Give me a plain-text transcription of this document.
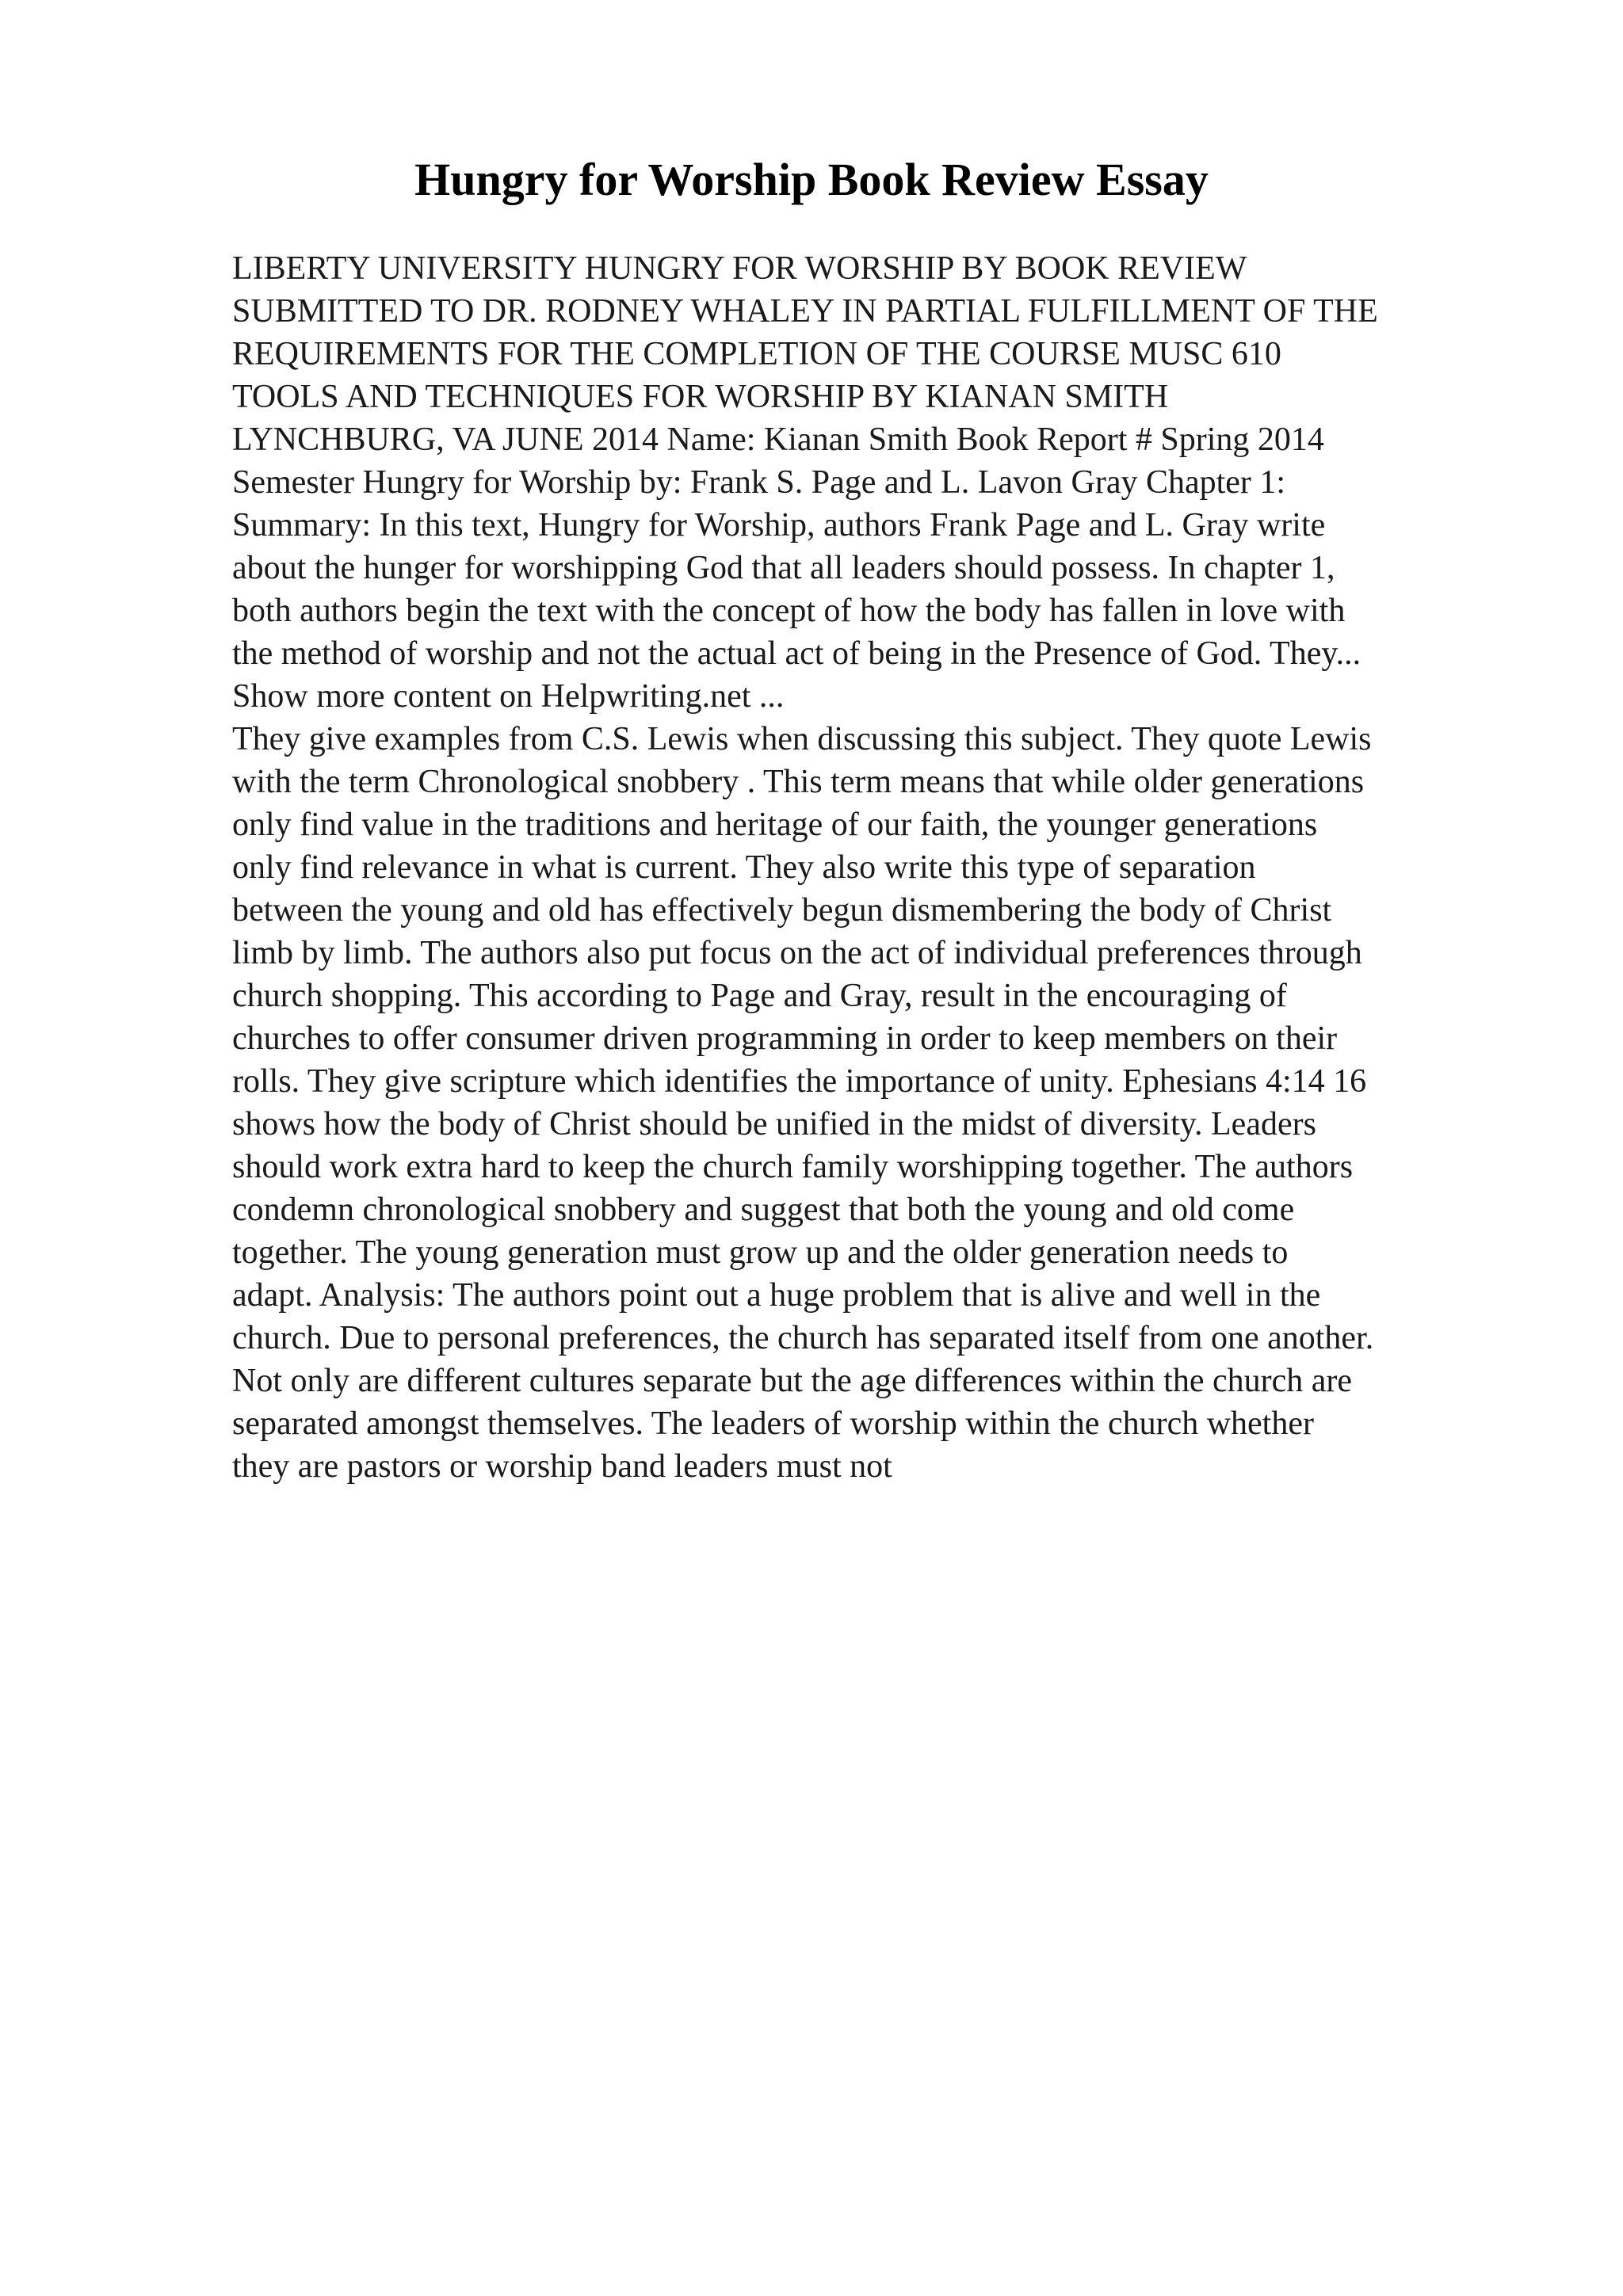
Hungry for Worship Book Review Essay

LIBERTY UNIVERSITY HUNGRY FOR WORSHIP BY BOOK REVIEW
SUBMITTED TO DR. RODNEY WHALEY IN PARTIAL FULFILLMENT OF THE
REQUIREMENTS FOR THE COMPLETION OF THE COURSE MUSC 610
TOOLS AND TECHNIQUES FOR WORSHIP BY KIANAN SMITH
LYNCHBURG, VA JUNE 2014 Name: Kianan Smith Book Report # Spring 2014
Semester Hungry for Worship by: Frank S. Page and L. Lavon Gray Chapter 1:
Summary: In this text, Hungry for Worship, authors Frank Page and L. Gray write
about the hunger for worshipping God that all leaders should possess. In chapter 1,
both authors begin the text with the concept of how the body has fallen in love with
the method of worship and not the actual act of being in the Presence of God. They...
Show more content on Helpwriting.net ...

They give examples from C.S. Lewis when discussing this subject. They quote Lewis
with the term Chronological snobbery . This term means that while older generations
only find value in the traditions and heritage of our faith, the younger generations
only find relevance in what is current. They also write this type of separation
between the young and old has effectively begun dismembering the body of Christ
limb by limb. The authors also put focus on the act of individual preferences through
church shopping. This according to Page and Gray, result in the encouraging of
churches to offer consumer driven programming in order to keep members on their
rolls. They give scripture which identifies the importance of unity. Ephesians 4:14 16
shows how the body of Christ should be unified in the midst of diversity. Leaders
should work extra hard to keep the church family worshipping together. The authors
condemn chronological snobbery and suggest that both the young and old come
together. The young generation must grow up and the older generation needs to
adapt. Analysis: The authors point out a huge problem that is alive and well in the
church. Due to personal preferences, the church has separated itself from one another.
Not only are different cultures separate but the age differences within the church are
separated amongst themselves. The leaders of worship within the church whether
they are pastors or worship band leaders must not
